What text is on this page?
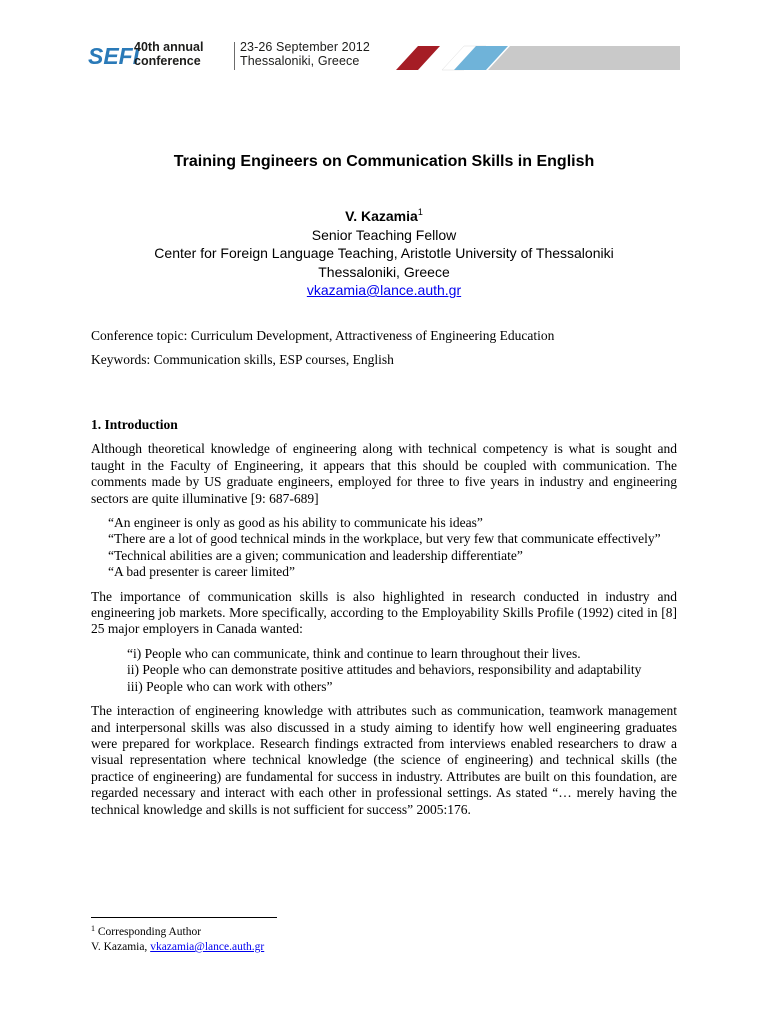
SEFI
40th annual
conference
23-26 September 2012
Thessaloniki, Greece
Training Engineers on Communication Skills in English
V. Kazamia$^1$
Senior Teaching Fellow
Center for Foreign Language Teaching, Aristotle University of Thessaloniki
Thessaloniki, Greece
vkazamia@lance.auth.gr
Conference topic: Curriculum Development, Attractiveness of Engineering Education
Keywords: Communication skills, ESP courses, English
1. Introduction

Although theoretical knowledge of engineering along with technical competency is what is sought and taught in the Faculty of Engineering, it appears that this should be coupled with communication. The comments made by US graduate engineers, employed for three to five years in industry and engineering sectors are quite illuminative [9: 687-689]

“An engineer is only as good as his ability to communicate his ideas”
“There are a lot of good technical minds in the workplace, but very few that communicate effectively”
“Technical abilities are a given; communication and leadership differentiate”
“A bad presenter is career limited”

The importance of communication skills is also highlighted in research conducted in industry and engineering job markets. More specifically, according to the Employability Skills Profile (1992) cited in [8] 25 major employers in Canada wanted:

“i) People who can communicate, think and continue to learn throughout their lives.
ii) People who can demonstrate positive attitudes and behaviors, responsibility and adaptability
iii) People who can work with others”

The interaction of engineering knowledge with attributes such as communication, teamwork management and interpersonal skills was also discussed in a study aiming to identify how well engineering graduates were prepared for workplace. Research findings extracted from interviews enabled researchers to draw a visual representation where technical knowledge (the science of engineering) and technical skills (the practice of engineering) are fundamental for success in industry. Attributes are built on this foundation, are regarded necessary and interact with each other in professional settings. As stated “… merely having the technical knowledge and skills is not sufficient for success” 2005:176.

$^1$ Corresponding Author
V. Kazamia, vkazamia@lance.auth.gr
